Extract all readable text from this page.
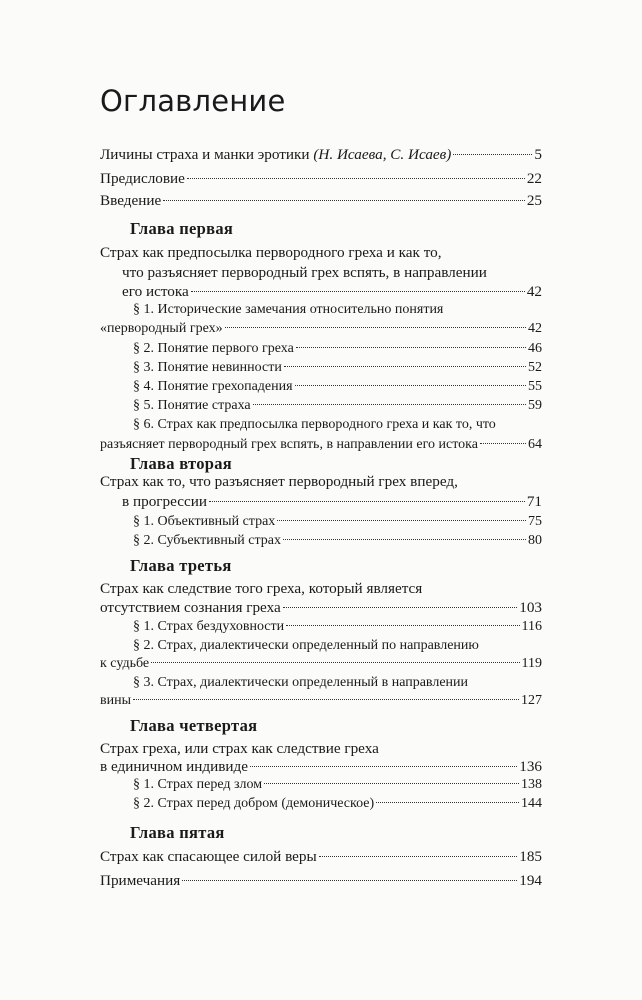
Оглавление
Личины страха и манки эротики (Н. Исаева, С. Исаев)	5
Предисловие	22
Введение	25
Глава первая
Страх как предпосылка первородного греха и как то,
что разъясняет первородный грех вспять, в направлении
его истока	42
§ 1. Исторические замечания относительно понятия
«первородный грех»	42
§ 2. Понятие первого греха	46
§ 3. Понятие невинности	52
§ 4. Понятие грехопадения	55
§ 5. Понятие страха	59
§ 6. Страх как предпосылка первородного греха и как то, что
разъясняет первородный грех вспять, в направлении его истока	64
Глава вторая
Страх как то, что разъясняет первородный грех вперед,
в прогрессии	71
§ 1. Объективный страх	75
§ 2. Субъективный страх	80
Глава третья
Страх как следствие того греха, который является
отсутствием сознания греха	103
§ 1. Страх бездуховности	116
§ 2. Страх, диалектически определенный по направлению
к судьбе	119
§ 3. Страх, диалектически определенный в направлении
вины	127
Глава четвертая
Страх греха, или страх как следствие греха
в единичном индивиде	136
§ 1. Страх перед злом	138
§ 2. Страх перед добром (демоническое)	144
Глава пятая
Страх как спасающее силой веры	185
Примечания	194
